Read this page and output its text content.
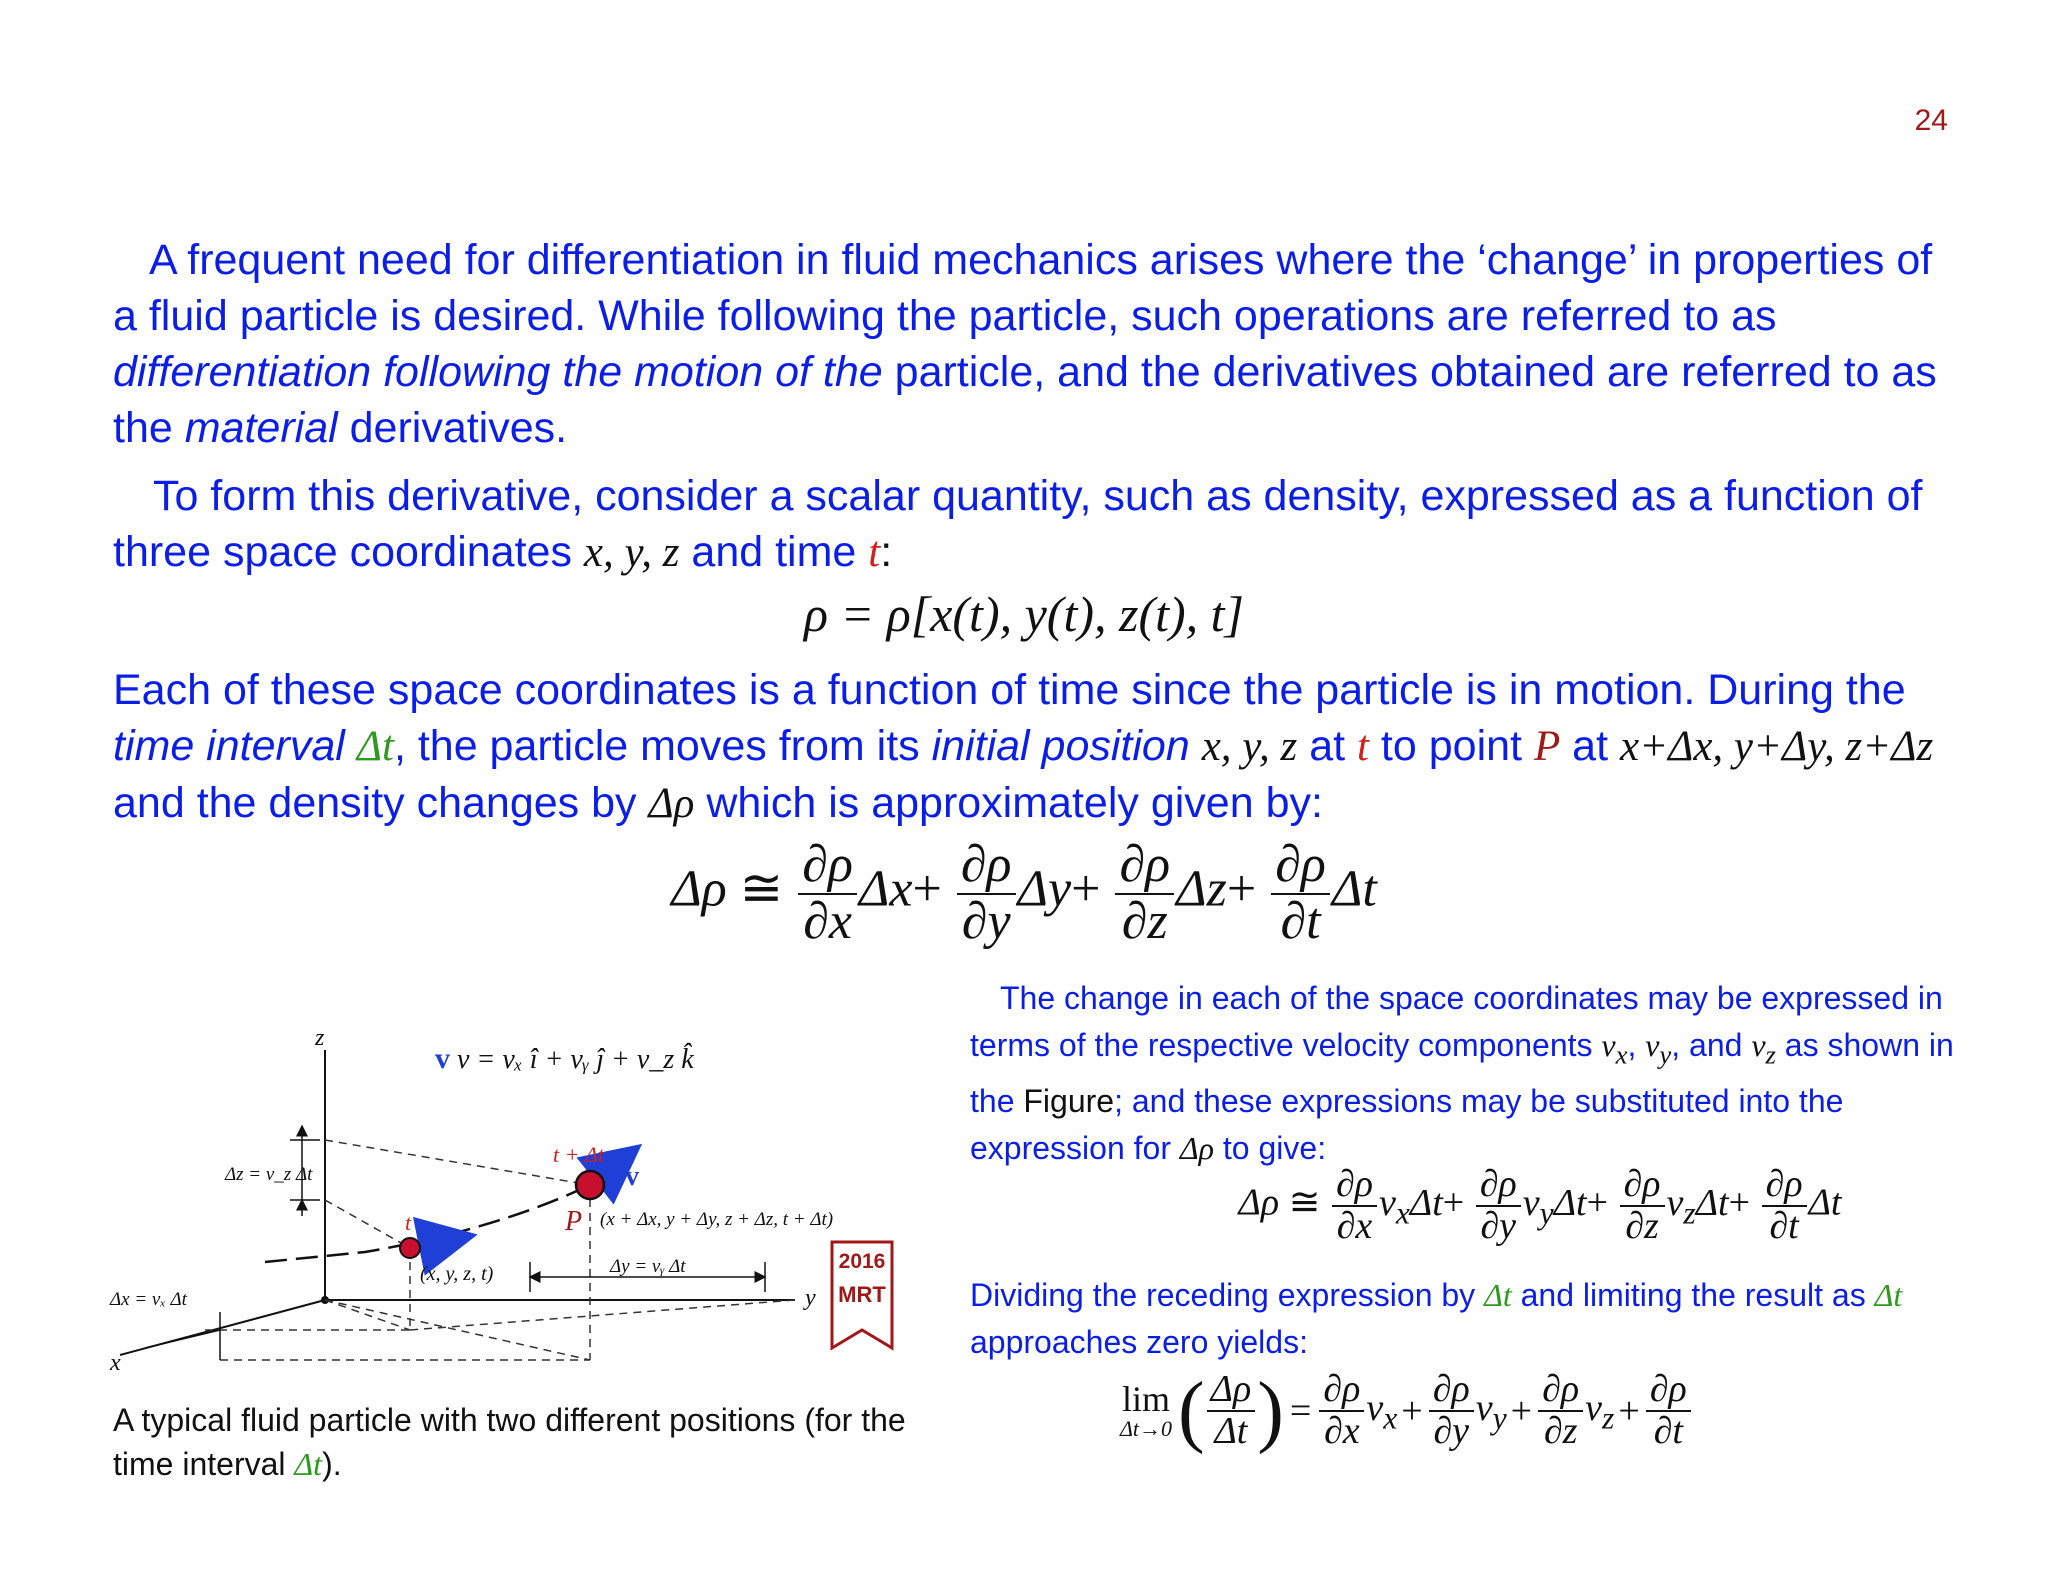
24

A frequent need for differentiation in fluid mechanics arises where the ‘change’ in properties of a fluid particle is desired. While following the particle, such operations are referred to as differentiation following the motion of the particle, and the derivatives obtained are referred to as the material derivatives.

To form this derivative, consider a scalar quantity, such as density, expressed as a function of three space coordinates x, y, z and time t:

ρ = ρ[x(t), y(t), z(t), t]

Each of these space coordinates is a function of time since the particle is in motion. During the time interval Δt, the particle moves from its initial position x, y, z at t to point P at x+Δx, y+Δy, z+Δz and the density changes by Δρ which is approximately given by:

Δρ ≅ $\frac{\partial\rho}{\partial x} \Delta x+ \frac{\partial\rho}{\partial y} \Delta y+ \frac{\partial\rho}{\partial z} \Delta z+ \frac{\partial\rho}{\partial t}$ Δt

The change in each of the space coordinates may be expressed in terms of the respective velocity components $v_x$, $v_y$, and $v_z$ as shown in the Figure; and these expressions may be substituted into the expression for Δρ to give:

Δρ ≅ $\frac{\partial\rho}{\partial x} v_x\Delta t+ \frac{\partial\rho}{\partial y} v_y\Delta t+ \frac{\partial\rho}{\partial z} v_z\Delta t+ \frac{\partial\rho}{\partial t}$ Δt

Dividing the receding expression by Δt and limiting the result as Δt approaches zero yields:

lim
Δt→0 ( $\frac{\Delta\rho}{\Delta t}$ ) = $\frac{\partial\rho}{\partial x} v_x + \frac{\partial\rho}{\partial y} v_y + \frac{\partial\rho}{\partial z} v_z + \frac{\partial\rho}{\partial t}$
v v = vₓ î + vᵧ ĵ + v_z k̂
z
y
x
t
t + Δt
v
P
(x, y, z, t)
(x + Δx, y + Δy, z + Δz, t + Δt)
Δz = v_z Δt
Δx = vₓ Δt
Δy = vᵧ Δt	2016
MRT

A typical fluid particle with two different positions (for the time interval Δt).
